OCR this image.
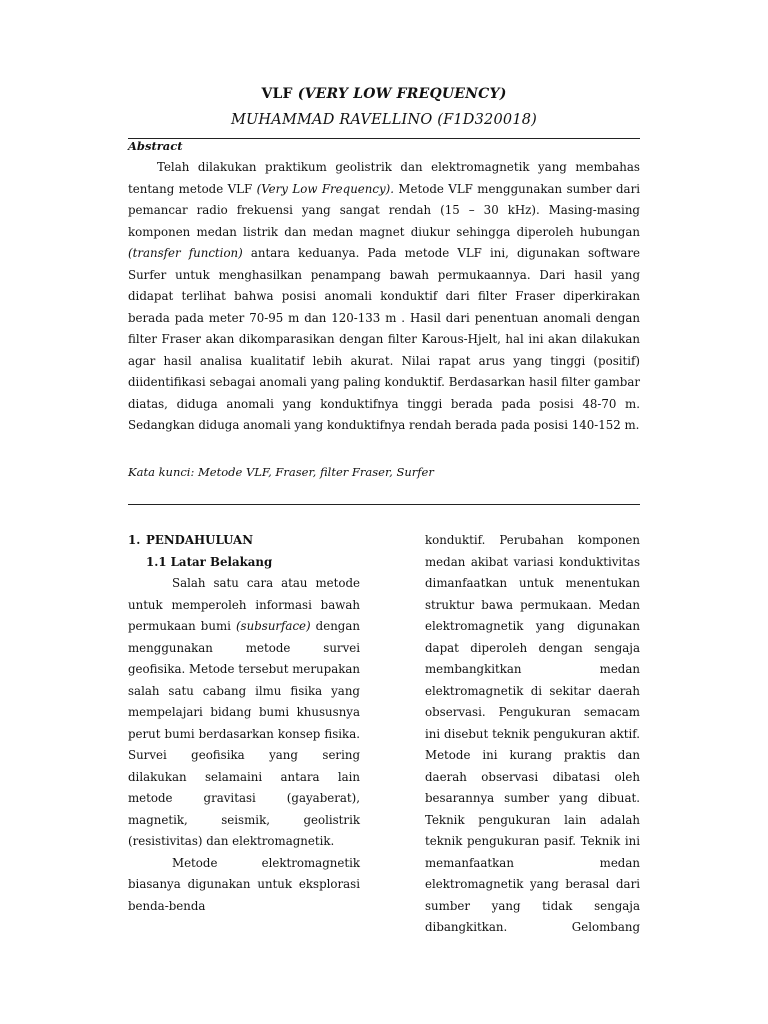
VLF (VERY LOW FREQUENCY)
MUHAMMAD RAVELLINO (F1D320018)
Abstract

Telah dilakukan praktikum geolistrik dan elektromagnetik yang membahas tentang metode VLF (Very Low Frequency). Metode VLF menggunakan sumber dari pemancar radio frekuensi yang sangat rendah (15 – 30 kHz). Masing-masing komponen medan listrik dan medan magnet diukur sehingga diperoleh hubungan (transfer function) antara keduanya. Pada metode VLF ini, digunakan software Surfer untuk menghasilkan penampang bawah permukaannya. Dari hasil yang didapat terlihat bahwa posisi anomali konduktif dari filter Fraser diperkirakan berada pada meter 70-95 m dan 120-133 m . Hasil dari penentuan anomali dengan filter Fraser akan dikomparasikan dengan filter Karous-Hjelt, hal ini akan dilakukan agar hasil analisa kualitatif lebih akurat. Nilai rapat arus yang tinggi (positif) diidentifikasi sebagai anomali yang paling konduktif. Berdasarkan hasil filter gambar diatas, diduga anomali yang konduktifnya tinggi berada pada posisi 48-70 m. Sedangkan diduga anomali yang konduktifnya rendah berada pada posisi 140-152 m.

Kata kunci: Metode VLF, Fraser, filter Fraser, Surfer

1. PENDAHULUAN

1.1 Latar Belakang

Salah satu cara atau metode untuk memperoleh informasi bawah permukaan bumi (subsurface) dengan menggunakan metode survei geofisika. Metode tersebut merupakan salah satu cabang ilmu fisika yang mempelajari bidang bumi khususnya perut bumi berdasarkan konsep fisika. Survei geofisika yang sering dilakukan selamaini antara lain metode gravitasi (gayaberat), magnetik, seismik, geolistrik (resistivitas) dan elektromagnetik.

Metode elektromagnetik biasanya digunakan untuk eksplorasi benda-benda

konduktif. Perubahan komponen medan akibat variasi konduktivitas dimanfaatkan untuk menentukan struktur bawa permukaan. Medan elektromagnetik yang digunakan dapat diperoleh dengan sengaja membangkitkan medan elektromagnetik di sekitar daerah observasi. Pengukuran semacam ini disebut teknik pengukuran aktif. Metode ini kurang praktis dan daerah observasi dibatasi oleh besarannya sumber yang dibuat. Teknik pengukuran lain adalah teknik pengukuran pasif. Teknik ini memanfaatkan medan elektromagnetik yang berasal dari sumber yang tidak sengaja dibangkitkan. Gelombang
